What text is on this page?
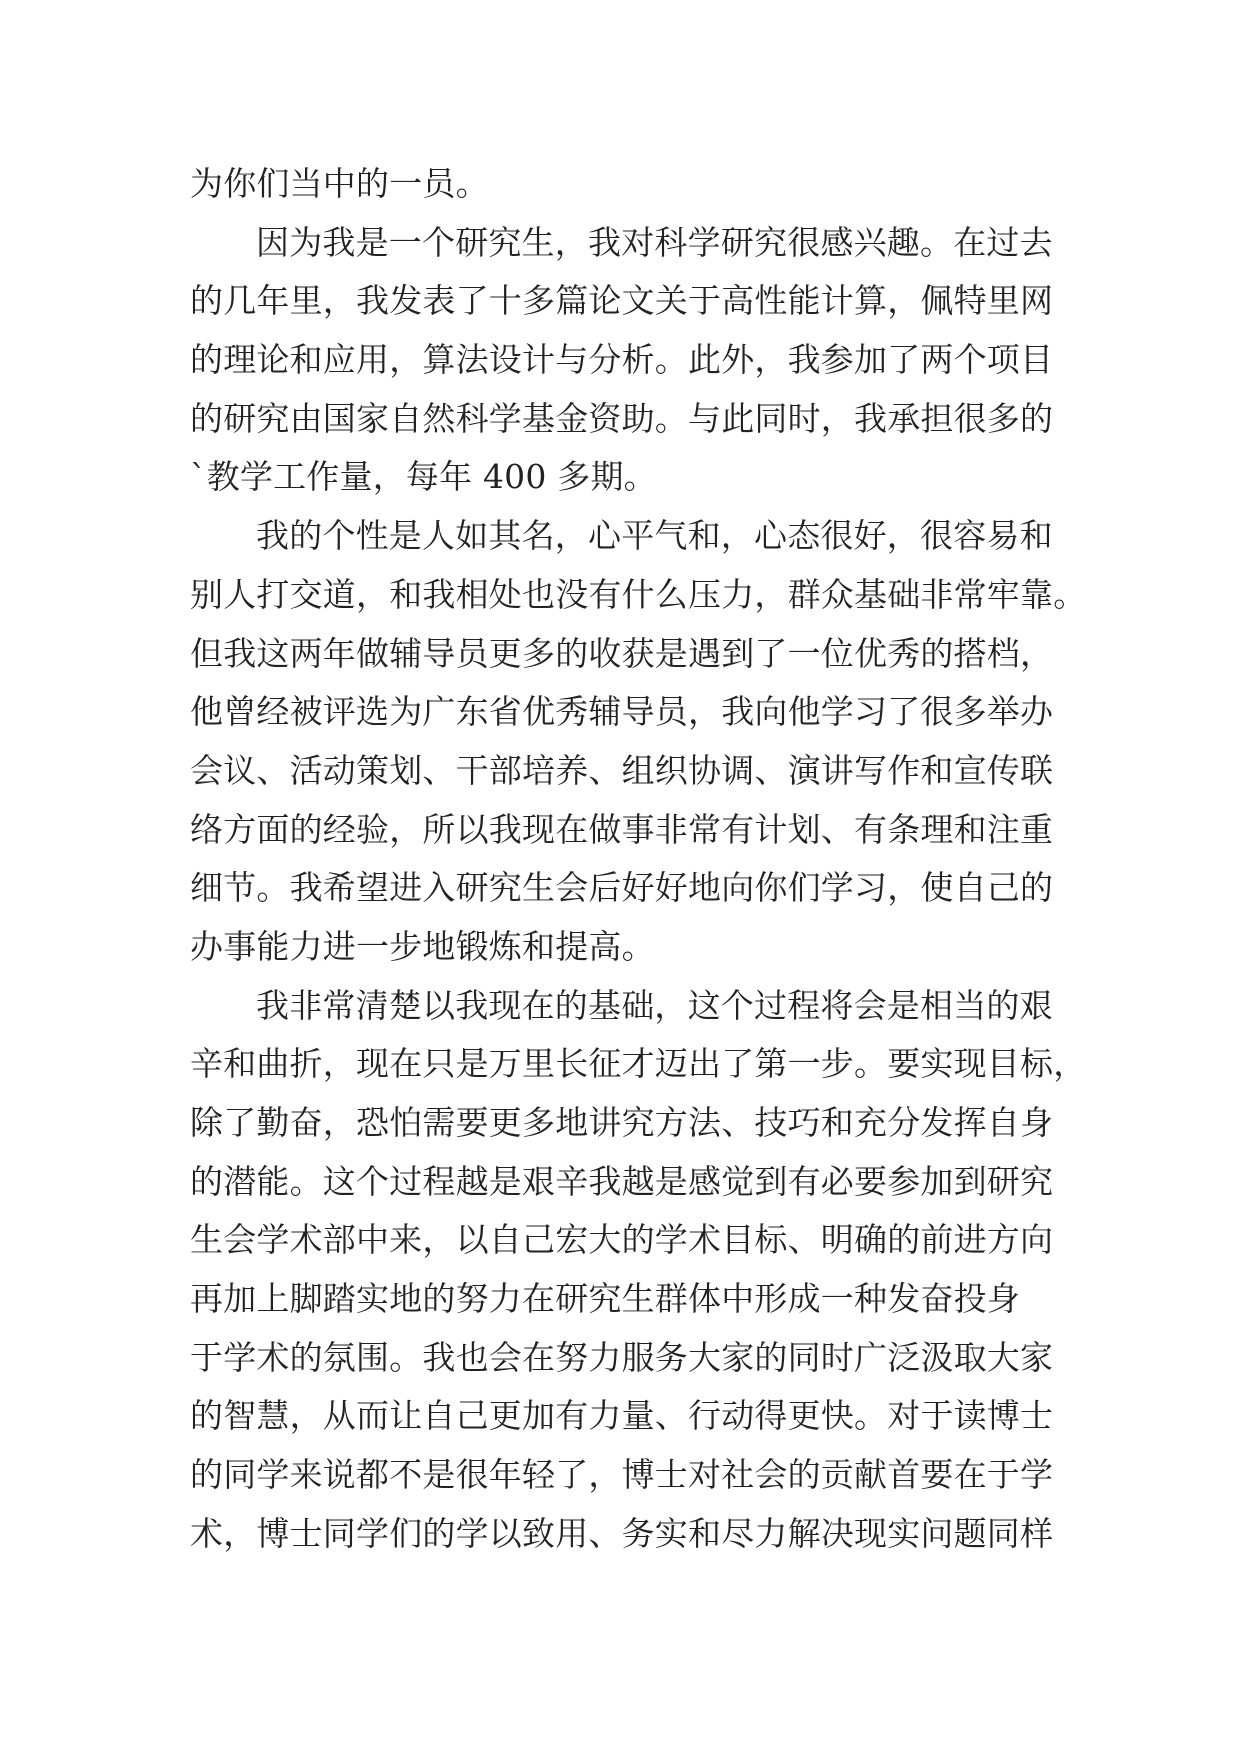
为你们当中的一员。
因为我是一个研究生，我对科学研究很感兴趣。在过去
的几年里，我发表了十多篇论文关于高性能计算，佩特里网
的理论和应用，算法设计与分析。此外，我参加了两个项目
的研究由国家自然科学基金资助。与此同时，我承担很多的
`教学工作量，每年 400 多期。
我的个性是人如其名，心平气和，心态很好，很容易和
别人打交道，和我相处也没有什么压力，群众基础非常牢靠。
但我这两年做辅导员更多的收获是遇到了一位优秀的搭档，
他曾经被评选为广东省优秀辅导员，我向他学习了很多举办
会议、活动策划、干部培养、组织协调、演讲写作和宣传联
络方面的经验，所以我现在做事非常有计划、有条理和注重
细节。我希望进入研究生会后好好地向你们学习，使自己的
办事能力进一步地锻炼和提高。
我非常清楚以我现在的基础，这个过程将会是相当的艰
辛和曲折，现在只是万里长征才迈出了第一步。要实现目标，
除了勤奋，恐怕需要更多地讲究方法、技巧和充分发挥自身
的潜能。这个过程越是艰辛我越是感觉到有必要参加到研究
生会学术部中来，以自己宏大的学术目标、明确的前进方向
再加上脚踏实地的努力在研究生群体中形成一种发奋投身
于学术的氛围。我也会在努力服务大家的同时广泛汲取大家
的智慧，从而让自己更加有力量、行动得更快。对于读博士
的同学来说都不是很年轻了，博士对社会的贡献首要在于学
术，博士同学们的学以致用、务实和尽力解决现实问题同样
